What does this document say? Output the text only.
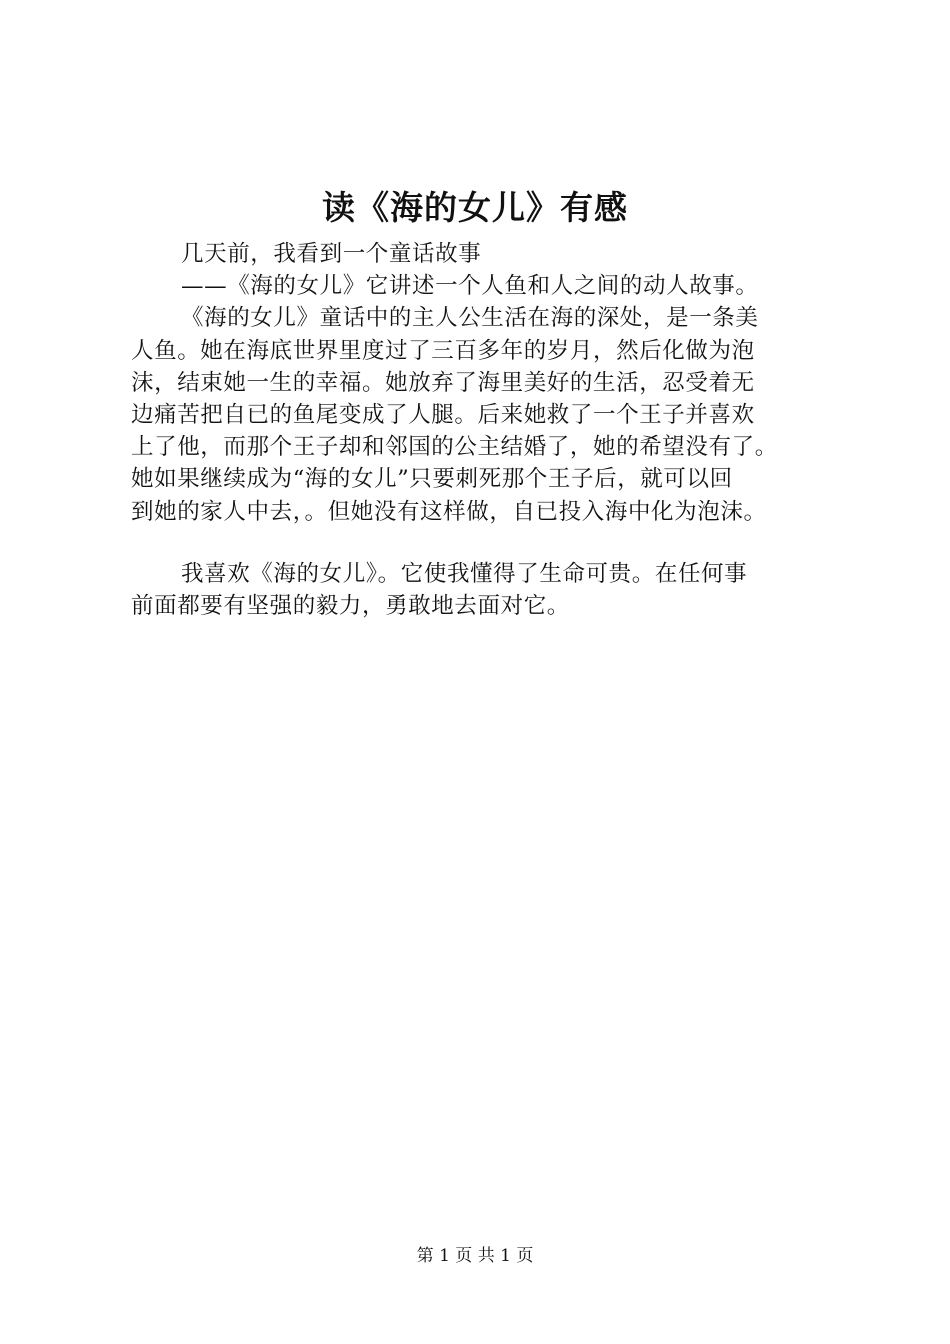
读《海的女儿》有感
几天前，我看到一个童话故事
——《海的女儿》它讲述一个人鱼和人之间的动人故事。
《海的女儿》童话中的主人公生活在海的深处，是一条美
人鱼。她在海底世界里度过了三百多年的岁月，然后化做为泡
沫，结束她一生的幸福。她放弃了海里美好的生活，忍受着无
边痛苦把自已的鱼尾变成了人腿。后来她救了一个王子并喜欢
上了他，而那个王子却和邻国的公主结婚了，她的希望没有了。
她如果继续成为“海的女儿”只要刺死那个王子后，就可以回
到她的家人中去，。但她没有这样做，自已投入海中化为泡沫。
我喜欢《海的女儿》。它使我懂得了生命可贵。在任何事
前面都要有坚强的毅力，勇敢地去面对它。
第 1 页 共 1 页
